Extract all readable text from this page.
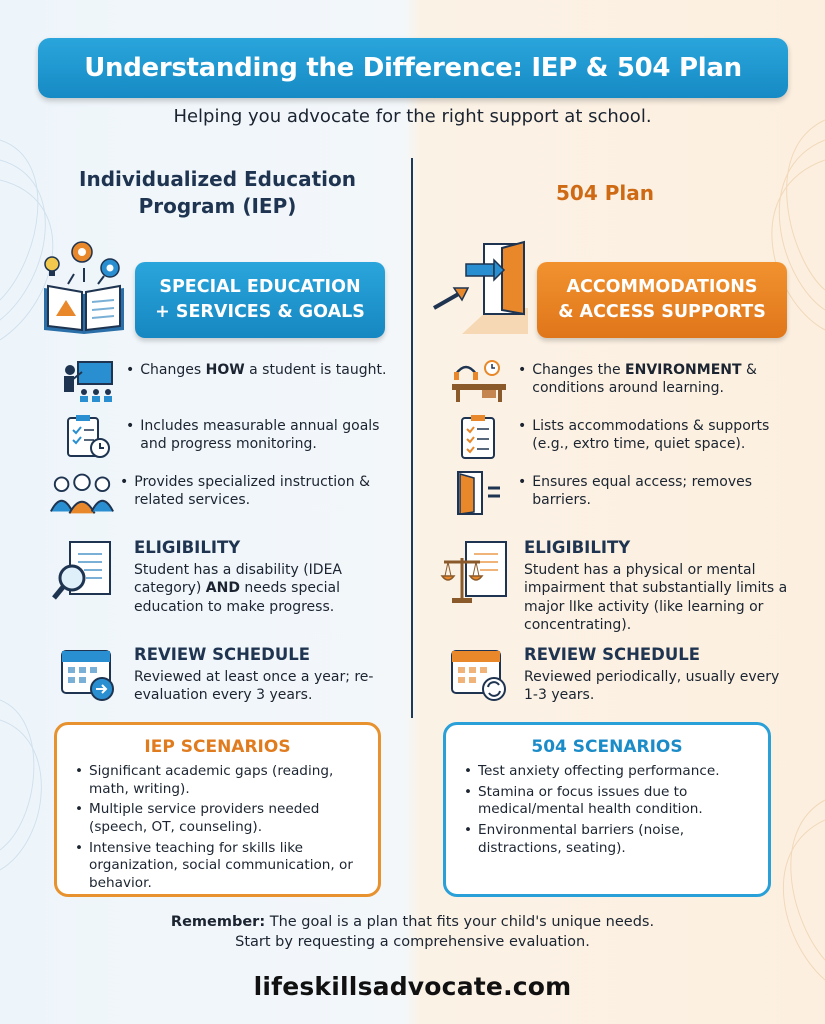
Understanding the Difference: IEP & 504 Plan
Helping you advocate for the right support at school.
Individualized Education
Program (IEP)
SPECIAL EDUCATION
+ SERVICES & GOALS
• Changes HOW a student is taught.
• Includes measurable annual goals and progress monitoring.
• Provides specialized instruction & related services.
ELIGIBILITY
Student has a disability (IDEA category) AND needs special education to make progress.
REVIEW SCHEDULE
Reviewed at least once a year; re-evaluation every 3 years.
504 Plan
ACCOMMODATIONS
& ACCESS SUPPORTS
• Changes the ENVIRONMENT & conditions around learning.
• Lists accommodations & supports (e.g., extro time, quiet space).
• Ensures equal access; removes barriers.
ELIGIBILITY
Student has a physical or mental impairment that substantially limits a major lIke activity (like learning or concentrating).
REVIEW SCHEDULE
Reviewed periodically, usually every 1-3 years.
IEP SCENARIOS
• Significant academic gaps (reading, math, writing).
• Multiple service providers needed (speech, OT, counseling).
• Intensive teaching for skills like organization, social communication, or behavior.
504 SCENARIOS
• Test anxiety offecting performance.
• Stamina or focus issues due to medical/mental health condition.
• Environmental barriers (noise, distractions, seating).
Remember: The goal is a plan that fits your child's unique needs.
Start by requesting a comprehensive evaluation.
lifeskillsadvocate.com
